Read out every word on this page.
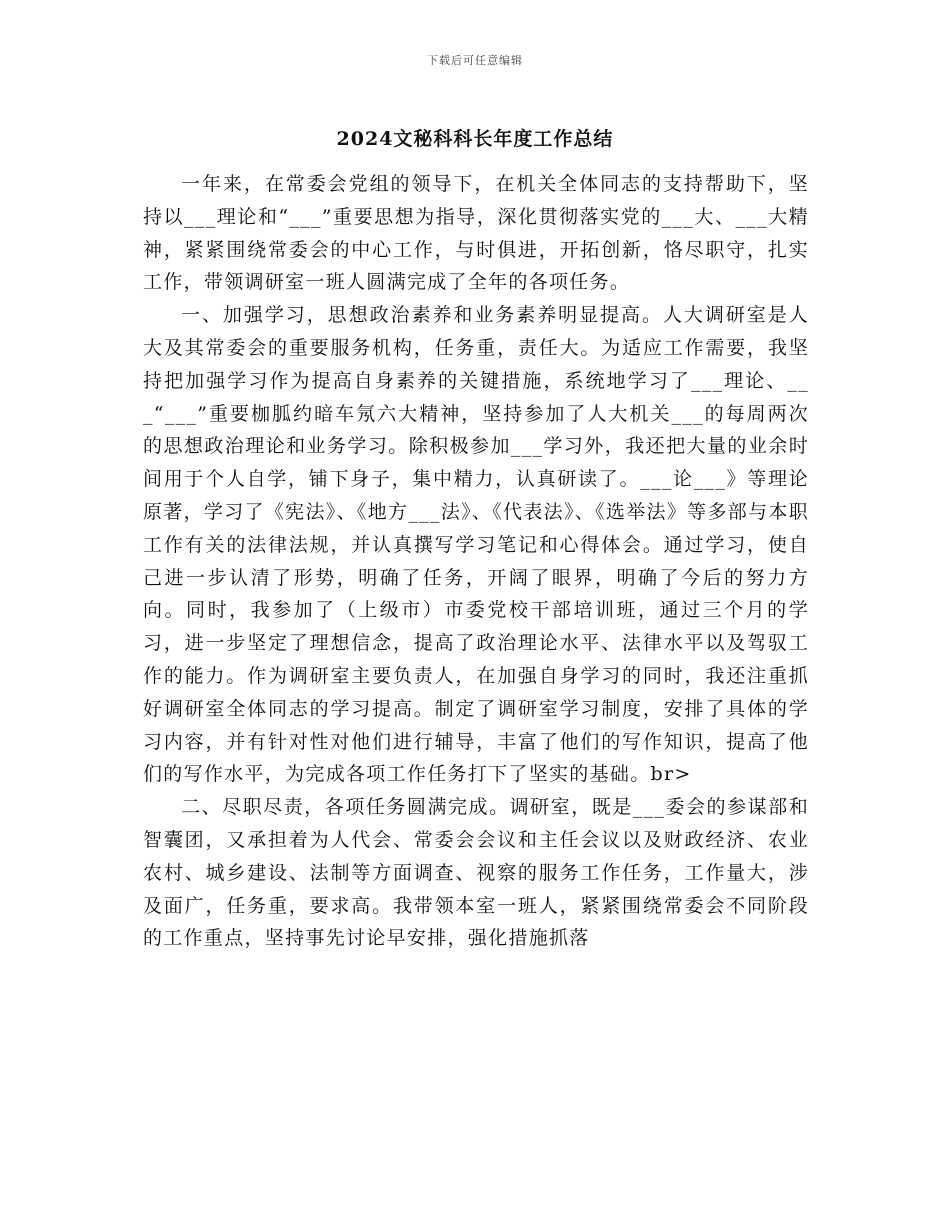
下载后可任意编辑
2024文秘科科长年度工作总结

一年来，在常委会党组的领导下，在机关全体同志的支持帮助下，坚持以___理论和“___”重要思想为指导，深化贯彻落实党的___大、___大精神，紧紧围绕常委会的中心工作，与时俱进，开拓创新，恪尽职守，扎实工作，带领调研室一班人圆满完成了全年的各项任务。

一、加强学习，思想政治素养和业务素养明显提高。人大调研室是人大及其常委会的重要服务机构，任务重，责任大。为适应工作需要，我坚持把加强学习作为提高自身素养的关键措施，系统地学习了___理论、___“___”重要枷胍约暗车氖六大精神，坚持参加了人大机关___的每周两次的思想政治理论和业务学习。除积极参加___学习外，我还把大量的业余时间用于个人自学，铺下身子，集中精力，认真研读了。___论___》等理论原著，学习了《宪法》、《地方___法》、《代表法》、《选举法》等多部与本职工作有关的法律法规，并认真撰写学习笔记和心得体会。通过学习，使自己进一步认清了形势，明确了任务，开阔了眼界，明确了今后的努力方向。同时，我参加了（上级市）市委党校干部培训班，通过三个月的学习，进一步坚定了理想信念，提高了政治理论水平、法律水平以及驾驭工作的能力。作为调研室主要负责人，在加强自身学习的同时，我还注重抓好调研室全体同志的学习提高。制定了调研室学习制度，安排了具体的学习内容，并有针对性对他们进行辅导，丰富了他们的写作知识，提高了他们的写作水平，为完成各项工作任务打下了坚实的基础。br>

二、尽职尽责，各项任务圆满完成。调研室，既是___委会的参谋部和智囊团，又承担着为人代会、常委会会议和主任会议以及财政经济、农业农村、城乡建设、法制等方面调查、视察的服务工作任务，工作量大，涉及面广，任务重，要求高。我带领本室一班人，紧紧围绕常委会不同阶段的工作重点，坚持事先讨论早安排，强化措施抓落
